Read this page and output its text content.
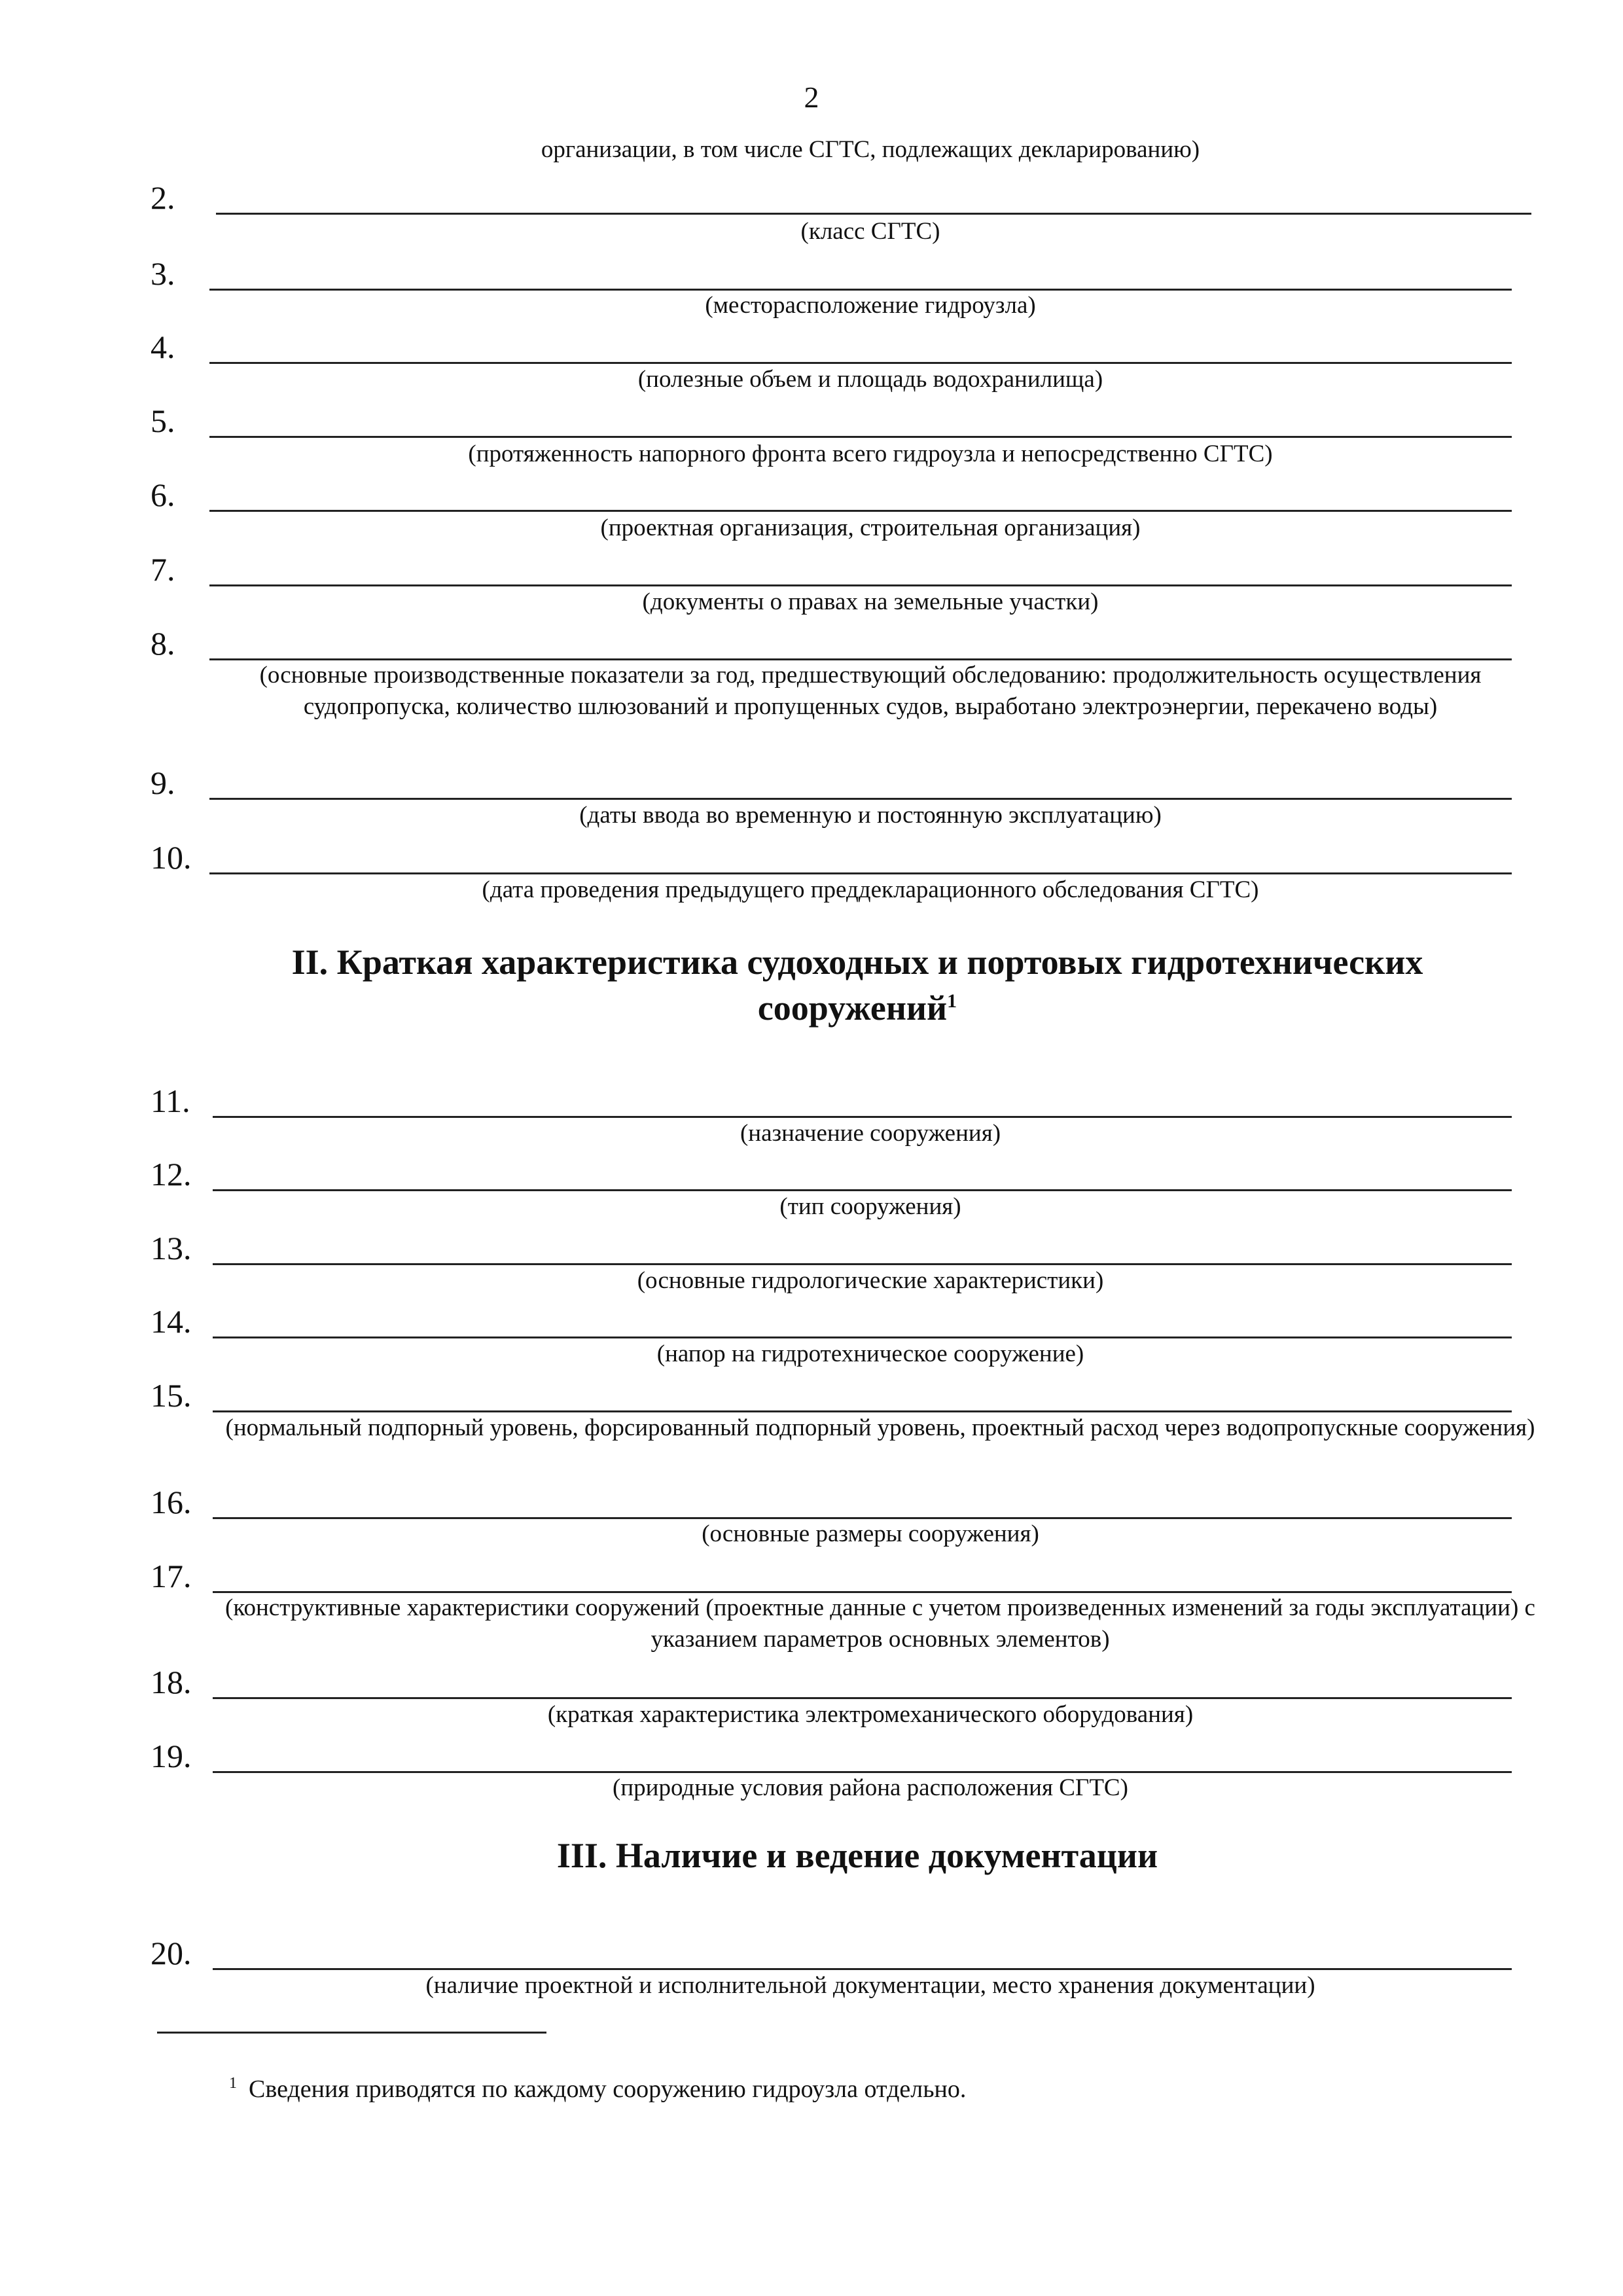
2
организации, в том числе СГТС, подлежащих декларированию)
2.
(класс СГТС)
3.
(месторасположение гидроузла)
4.
(полезные объем и площадь водохранилища)
5.
(протяженность напорного фронта всего гидроузла и непосредственно СГТС)
6.
(проектная организация, строительная организация)
7.
(документы о правах на земельные участки)
8.
(основные производственные показатели за год, предшествующий обследованию: продолжительность осуществления судопропуска, количество шлюзований и пропущенных судов, выработано электроэнергии, перекачено воды)
9.
(даты ввода во временную и постоянную эксплуатацию)
10.
(дата проведения предыдущего преддекларационного обследования СГТС)
II. Краткая характеристика судоходных и портовых гидротехнических
сооружений$^1$
11.
(назначение сооружения)
12.
(тип сооружения)
13.
(основные гидрологические характеристики)
14.
(напор на гидротехническое сооружение)
15.
(нормальный подпорный уровень, форсированный подпорный уровень, проектный расход через водопропускные сооружения)
16.
(основные размеры сооружения)
17.
(конструктивные характеристики сооружений (проектные данные с учетом произведенных изменений за годы эксплуатации) с указанием параметров основных элементов)
18.
(краткая характеристика электромеханического оборудования)
19.
(природные условия района расположения СГТС)
III. Наличие и ведение документации
20.
(наличие проектной и исполнительной документации, место хранения документации)
$^1$ Сведения приводятся по каждому сооружению гидроузла отдельно.
